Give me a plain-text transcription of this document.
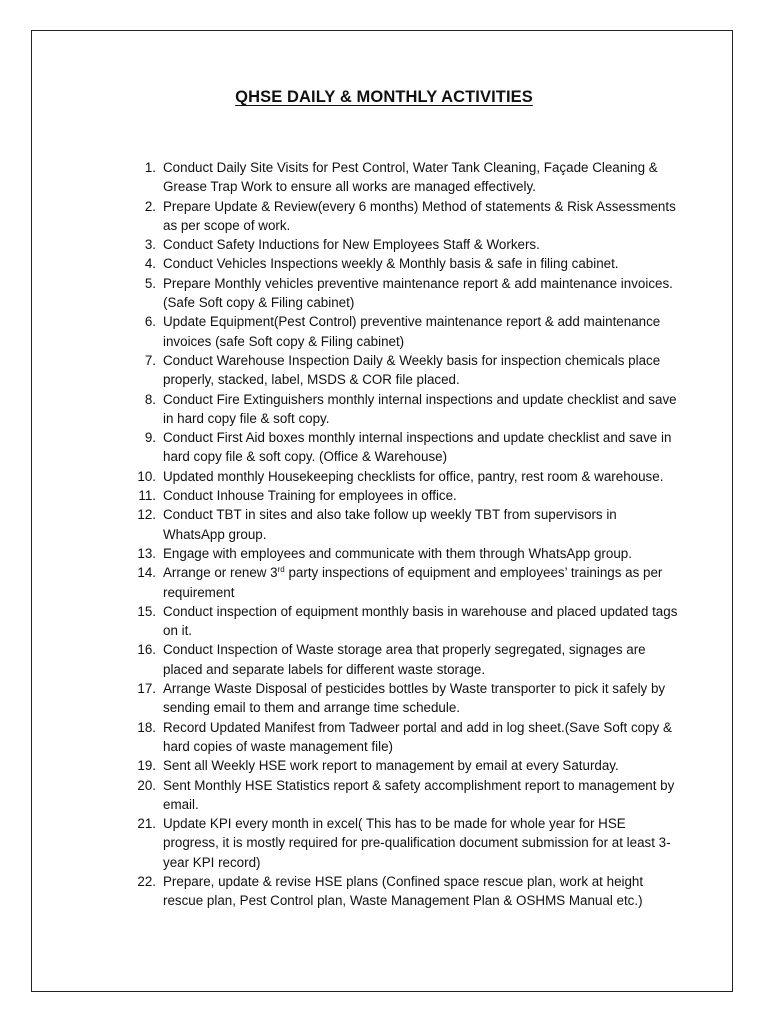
QHSE DAILY & MONTHLY ACTIVITIES
1. Conduct Daily Site Visits for Pest Control, Water Tank Cleaning, Façade Cleaning & Grease Trap Work to ensure all works are managed effectively.
2. Prepare Update & Review(every 6 months) Method of statements & Risk Assessments as per scope of work.
3. Conduct Safety Inductions for New Employees Staff & Workers.
4. Conduct Vehicles Inspections weekly & Monthly basis & safe in filing cabinet.
5. Prepare Monthly vehicles preventive maintenance report & add maintenance invoices.(Safe Soft copy & Filing cabinet)
6. Update Equipment(Pest Control) preventive maintenance report & add maintenance invoices (safe Soft copy & Filing cabinet)
7. Conduct Warehouse Inspection Daily & Weekly basis for inspection chemicals place properly, stacked, label, MSDS & COR file placed.
8. Conduct Fire Extinguishers monthly internal inspections and update checklist and save in hard copy file & soft copy.
9. Conduct First Aid boxes monthly internal inspections and update checklist and save in hard copy file & soft copy. (Office & Warehouse)
10. Updated monthly Housekeeping checklists for office, pantry, rest room & warehouse.
11. Conduct Inhouse Training for employees in office.
12. Conduct TBT in sites and also take follow up weekly TBT from supervisors in WhatsApp group.
13. Engage with employees and communicate with them through WhatsApp group.
14. Arrange or renew 3rd party inspections of equipment and employees’ trainings as per requirement
15. Conduct inspection of equipment monthly basis in warehouse and placed updated tags on it.
16. Conduct Inspection of Waste storage area that properly segregated, signages are placed and separate labels for different waste storage.
17. Arrange Waste Disposal of pesticides bottles by Waste transporter to pick it safely by sending email to them and arrange time schedule.
18. Record Updated Manifest from Tadweer portal and add in log sheet.(Save Soft copy & hard copies of waste management file)
19. Sent all Weekly HSE work report to management by email at every Saturday.
20. Sent Monthly HSE Statistics report & safety accomplishment report to management by email.
21. Update KPI every month in excel( This has to be made for whole year for HSE progress, it is mostly required for pre-qualification document submission for at least 3-year KPI record)
22. Prepare, update & revise HSE plans (Confined space rescue plan, work at height rescue plan, Pest Control plan, Waste Management Plan & OSHMS Manual etc.)
